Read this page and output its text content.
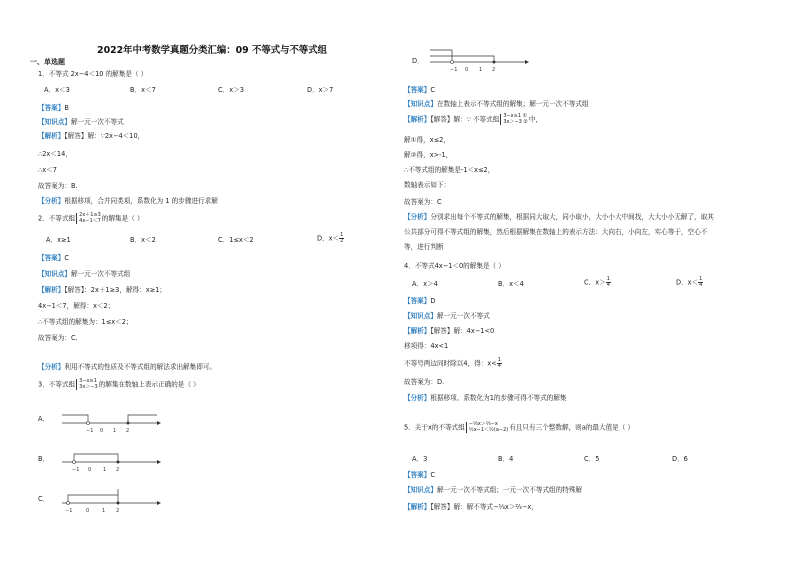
2022年中考数学真题分类汇编：09 不等式与不等式组
一、单选题
1．不等式 2x−4＜10 的解集是（ ）
A．x＜3	B．x＜7	C．x＞3	D．x＞7
【答案】B
【知识点】解一元一次不等式
【解析】【解答】解：∵2x−4＜10，
∴2x＜14，
∴x＜7
故答案为：B.
【分析】根据移项，合并同类项，系数化为 1 的步骤进行求解
2．不等式组 2x＋1≥3
4x−1＜7 的解集是（ ）
A．x≥1	B．x＜2	C．1≤x＜2	D．$x< \frac{1}{2}$
【答案】C
【知识点】解一元一次不等式组
【解析】【解答】：2x＋1≥3，解得：x≥1；
4x−1＜7，解得：x＜2；
∴不等式组的解集为：1≤x＜2；
故答案为：C.
【分析】利用不等式的性质及不等式组的解法求出解集即可。
3．不等式组 3−x≥1
3x＞−3 的解集在数轴上表示正确的是（ ）
A．
−1 0 1 2
B．
−1 0 1 2
C．
−1	0	1 2
D．
−1 0 1 2
【答案】C
【知识点】在数轴上表示不等式组的解集；解一元一次不等式组
【解析】【解答】解：∵ 不等式组 3−x≥1 ①
3x＞−3 ② 中，
解①得，x≤2，
解②得，x>-1，
∴不等式组的解集是-1＜x≤2，
数轴表示如下：
故答案为：C
【分析】分别求出每个不等式的解集，根据同大取大，同小取小，大小小大中间找，大大小小无解了，取其
公共部分可得不等式组的解集，然后根据解集在数轴上的表示方法：大向右，小向左，实心等于，空心不
等，进行判断
4．不等式4x−1＜0的解集是（ ）
A．x＞4	B．x＜4	C．$x> \frac{1}{4}$	D．$x< \frac{1}{4}$
【答案】D
【知识点】解一元一次不等式
【解析】【解答】解：4x−1<0
移项得：4x<1
不等号两边同时除以4，得：$x< \frac{1}{4}$
故答案为：D.
【分析】根据移项、系数化为1的步骤可得不等式的解集
5．关于x的不等式组 −⅓x＞⅔−x
½x−1＜½(a−2) 有且只有三个整数解，则a的最大值是（ ）
A．3	B．4	C．5	D．6
【答案】C
【知识点】解一元一次不等式组；一元一次不等式组的特殊解
【解析】【解答】解：解不等式−⅓x＞⅔−x，
